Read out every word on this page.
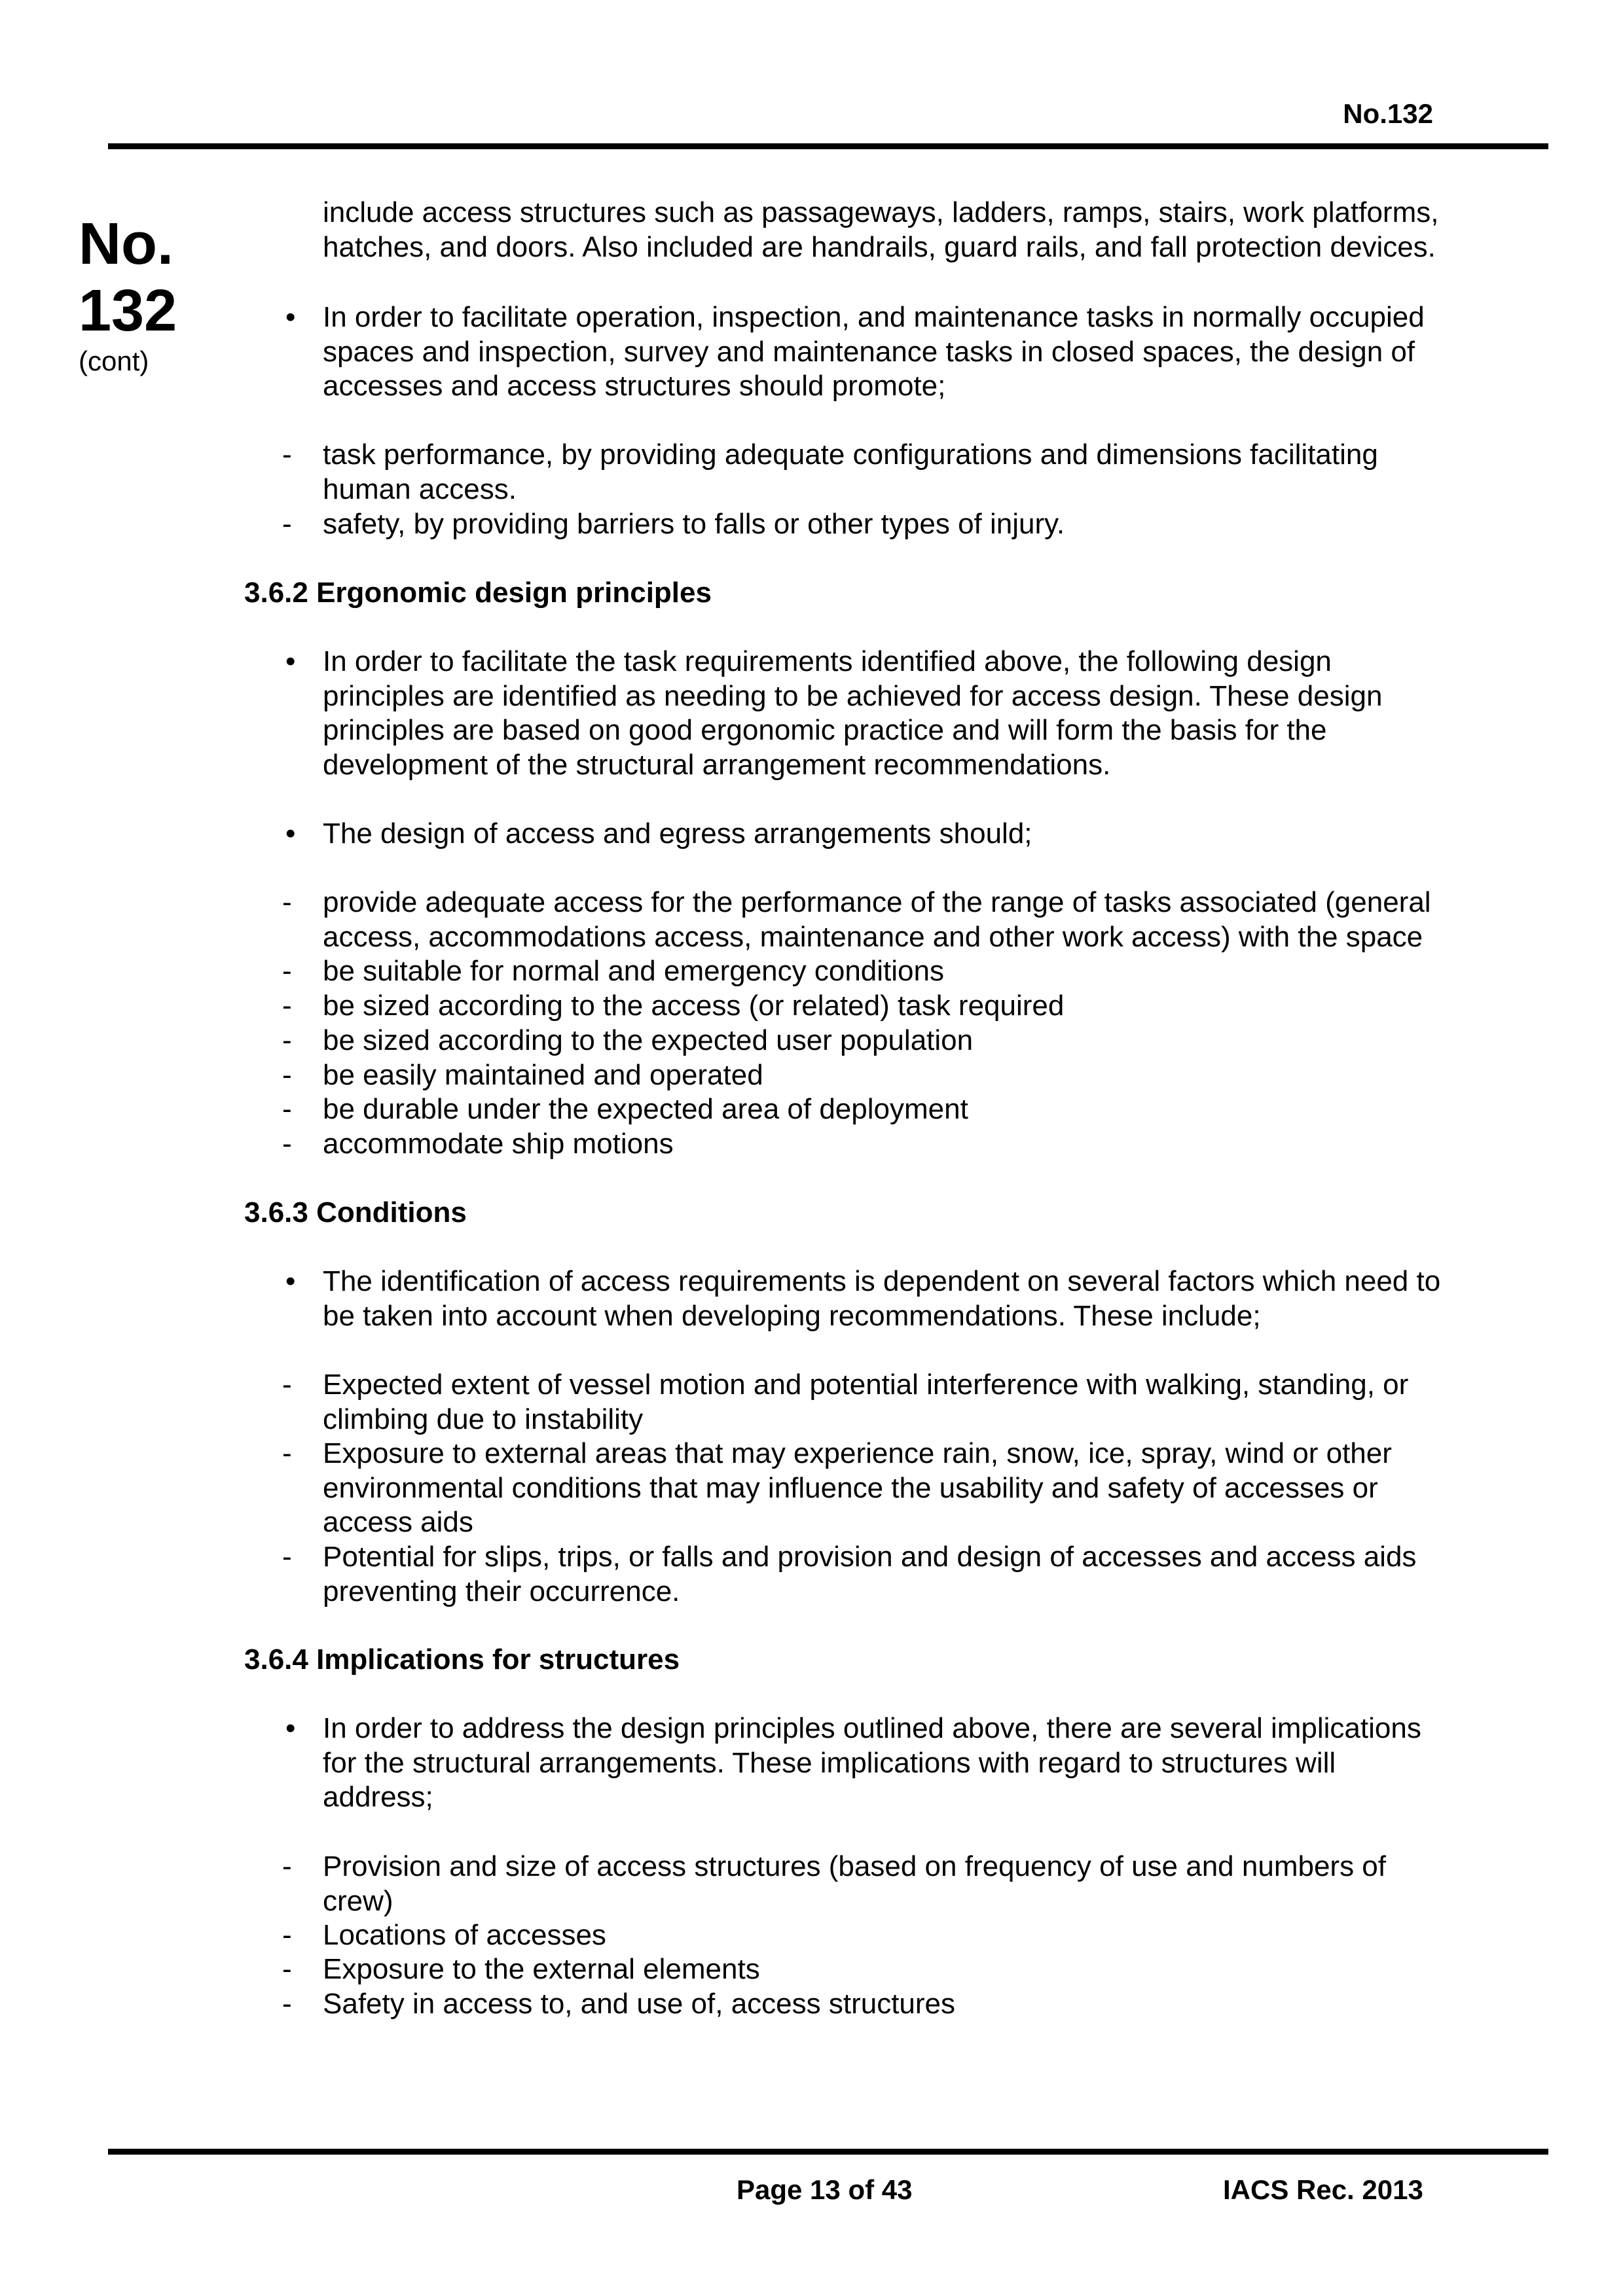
No.132
No.
132
(cont)
include access structures such as passageways, ladders, ramps, stairs, work platforms,
hatches, and doors. Also included are handrails, guard rails, and fall protection devices.
• In order to facilitate operation, inspection, and maintenance tasks in normally occupied
spaces and inspection, survey and maintenance tasks in closed spaces, the design of
accesses and access structures should promote;
- task performance, by providing adequate configurations and dimensions facilitating
human access.
- safety, by providing barriers to falls or other types of injury.
3.6.2 Ergonomic design principles
• In order to facilitate the task requirements identified above, the following design
principles are identified as needing to be achieved for access design. These design
principles are based on good ergonomic practice and will form the basis for the
development of the structural arrangement recommendations.
• The design of access and egress arrangements should;
- provide adequate access for the performance of the range of tasks associated (general
access, accommodations access, maintenance and other work access) with the space
- be suitable for normal and emergency conditions
- be sized according to the access (or related) task required
- be sized according to the expected user population
- be easily maintained and operated
- be durable under the expected area of deployment
- accommodate ship motions
3.6.3 Conditions
• The identification of access requirements is dependent on several factors which need to
be taken into account when developing recommendations. These include;
- Expected extent of vessel motion and potential interference with walking, standing, or
climbing due to instability
- Exposure to external areas that may experience rain, snow, ice, spray, wind or other
environmental conditions that may influence the usability and safety of accesses or
access aids
- Potential for slips, trips, or falls and provision and design of accesses and access aids
preventing their occurrence.
3.6.4 Implications for structures
• In order to address the design principles outlined above, there are several implications
for the structural arrangements. These implications with regard to structures will
address;
- Provision and size of access structures (based on frequency of use and numbers of
crew)
- Locations of accesses
- Exposure to the external elements
- Safety in access to, and use of, access structures
Page 13 of 43	IACS Rec. 2013
